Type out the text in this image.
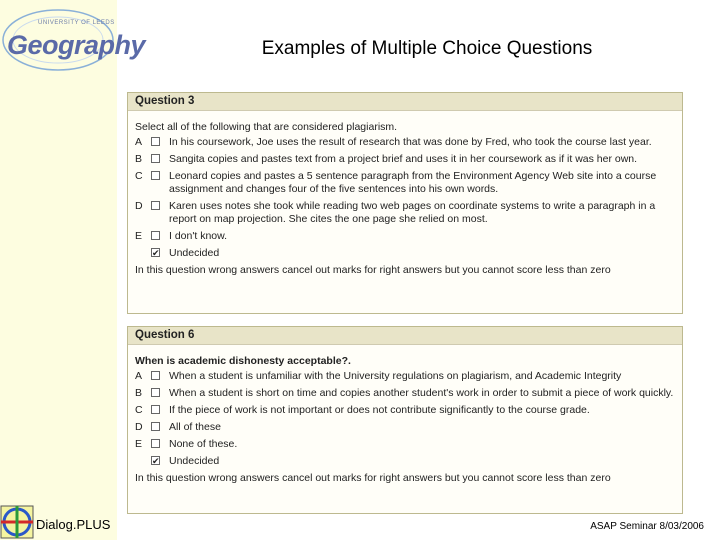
UNIVERSITY OF LEEDS
Geography	Examples of Multiple Choice Questions
Question 3
Select all of the following that are considered plagiarism.
A	In his coursework, Joe uses the result of research that was done by Fred, who took the course last year.
B	Sangita copies and pastes text from a project brief and uses it in her coursework as if it was her own.
C	Leonard copies and pastes a 5 sentence paragraph from the Environment Agency Web site into a course assignment and changes four of the five sentences into his own words.
D	Karen uses notes she took while reading two web pages on coordinate systems to write a paragraph in a report on map projection. She cites the one page she relied on most.
E	I don't know.
✔ Undecided
In this question wrong answers cancel out marks for right answers but you cannot score less than zero
Question 6
When is academic dishonesty acceptable?.
A	When a student is unfamiliar with the University regulations on plagiarism, and Academic Integrity
B	When a student is short on time and copies another student's work in order to submit a piece of work quickly.
C	If the piece of work is not important or does not contribute significantly to the course grade.
D	All of these
E	None of these.
✔ Undecided
In this question wrong answers cancel out marks for right answers but you cannot score less than zero
Dialog.PLUS	ASAP Seminar 8/03/2006
